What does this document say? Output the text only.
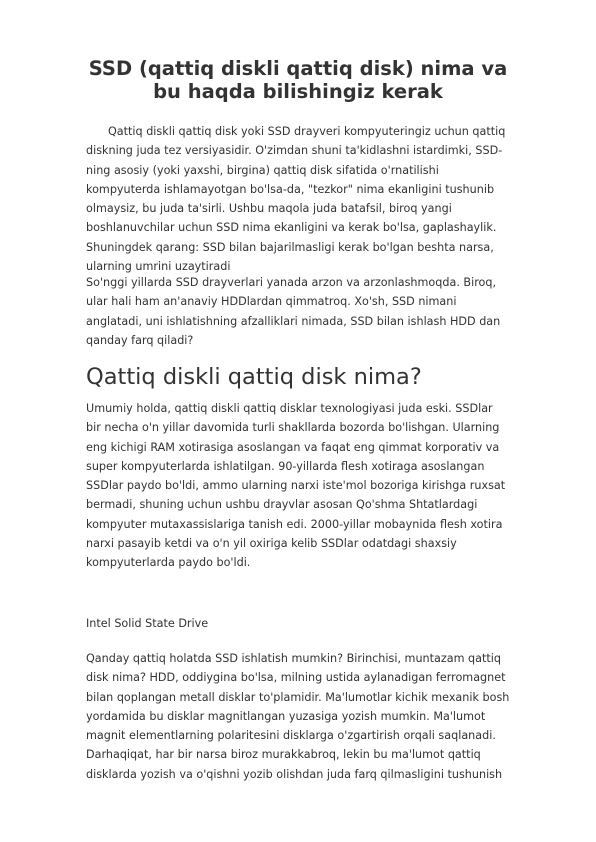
SSD (qattiq diskli qattiq disk) nima va bu haqda bilishingiz kerak

Qattiq diskli qattiq disk yoki SSD drayveri kompyuteringiz uchun qattiq diskning juda tez versiyasidir. O'zimdan shuni ta'kidlashni istardimki, SSD-ning asosiy (yoki yaxshi, birgina) qattiq disk sifatida o'rnatilishi kompyuterda ishlamayotgan bo'lsa-da, "tezkor" nima ekanligini tushunib olmaysiz, bu juda ta'sirli. Ushbu maqola juda batafsil, biroq yangi boshlanuvchilar uchun SSD nima ekanligini va kerak bo'lsa, gaplashaylik. Shuningdek qarang: SSD bilan bajarilmasligi kerak bo'lgan beshta narsa, ularning umrini uzaytiradi

So'nggi yillarda SSD drayverlari yanada arzon va arzonlashmoqda. Biroq, ular hali ham an'anaviy HDDlardan qimmatroq. Xo'sh, SSD nimani anglatadi, uni ishlatishning afzalliklari nimada, SSD bilan ishlash HDD dan qanday farq qiladi?

Qattiq diskli qattiq disk nima?

Umumiy holda, qattiq diskli qattiq disklar texnologiyasi juda eski. SSDlar bir necha o'n yillar davomida turli shakllarda bozorda bo'lishgan. Ularning eng kichigi RAM xotirasiga asoslangan va faqat eng qimmat korporativ va super kompyuterlarda ishlatilgan. 90-yillarda flesh xotiraga asoslangan SSDlar paydo bo'ldi, ammo ularning narxi iste'mol bozoriga kirishga ruxsat bermadi, shuning uchun ushbu drayvlar asosan Qo'shma Shtatlardagi kompyuter mutaxassislariga tanish edi. 2000-yillar mobaynida flesh xotira narxi pasayib ketdi va o'n yil oxiriga kelib SSDlar odatdagi shaxsiy kompyuterlarda paydo bo'ldi.

Intel Solid State Drive

Qanday qattiq holatda SSD ishlatish mumkin? Birinchisi, muntazam qattiq disk nima? HDD, oddiygina bo'lsa, milning ustida aylanadigan ferromagnet bilan qoplangan metall disklar to'plamidir. Ma'lumotlar kichik mexanik bosh yordamida bu disklar magnitlangan yuzasiga yozish mumkin. Ma'lumot magnit elementlarning polaritesini disklarga o'zgartirish orqali saqlanadi. Darhaqiqat, har bir narsa biroz murakkabroq, lekin bu ma'lumot qattiq disklarda yozish va o'qishni yozib olishdan juda farq qilmasligini tushunish
